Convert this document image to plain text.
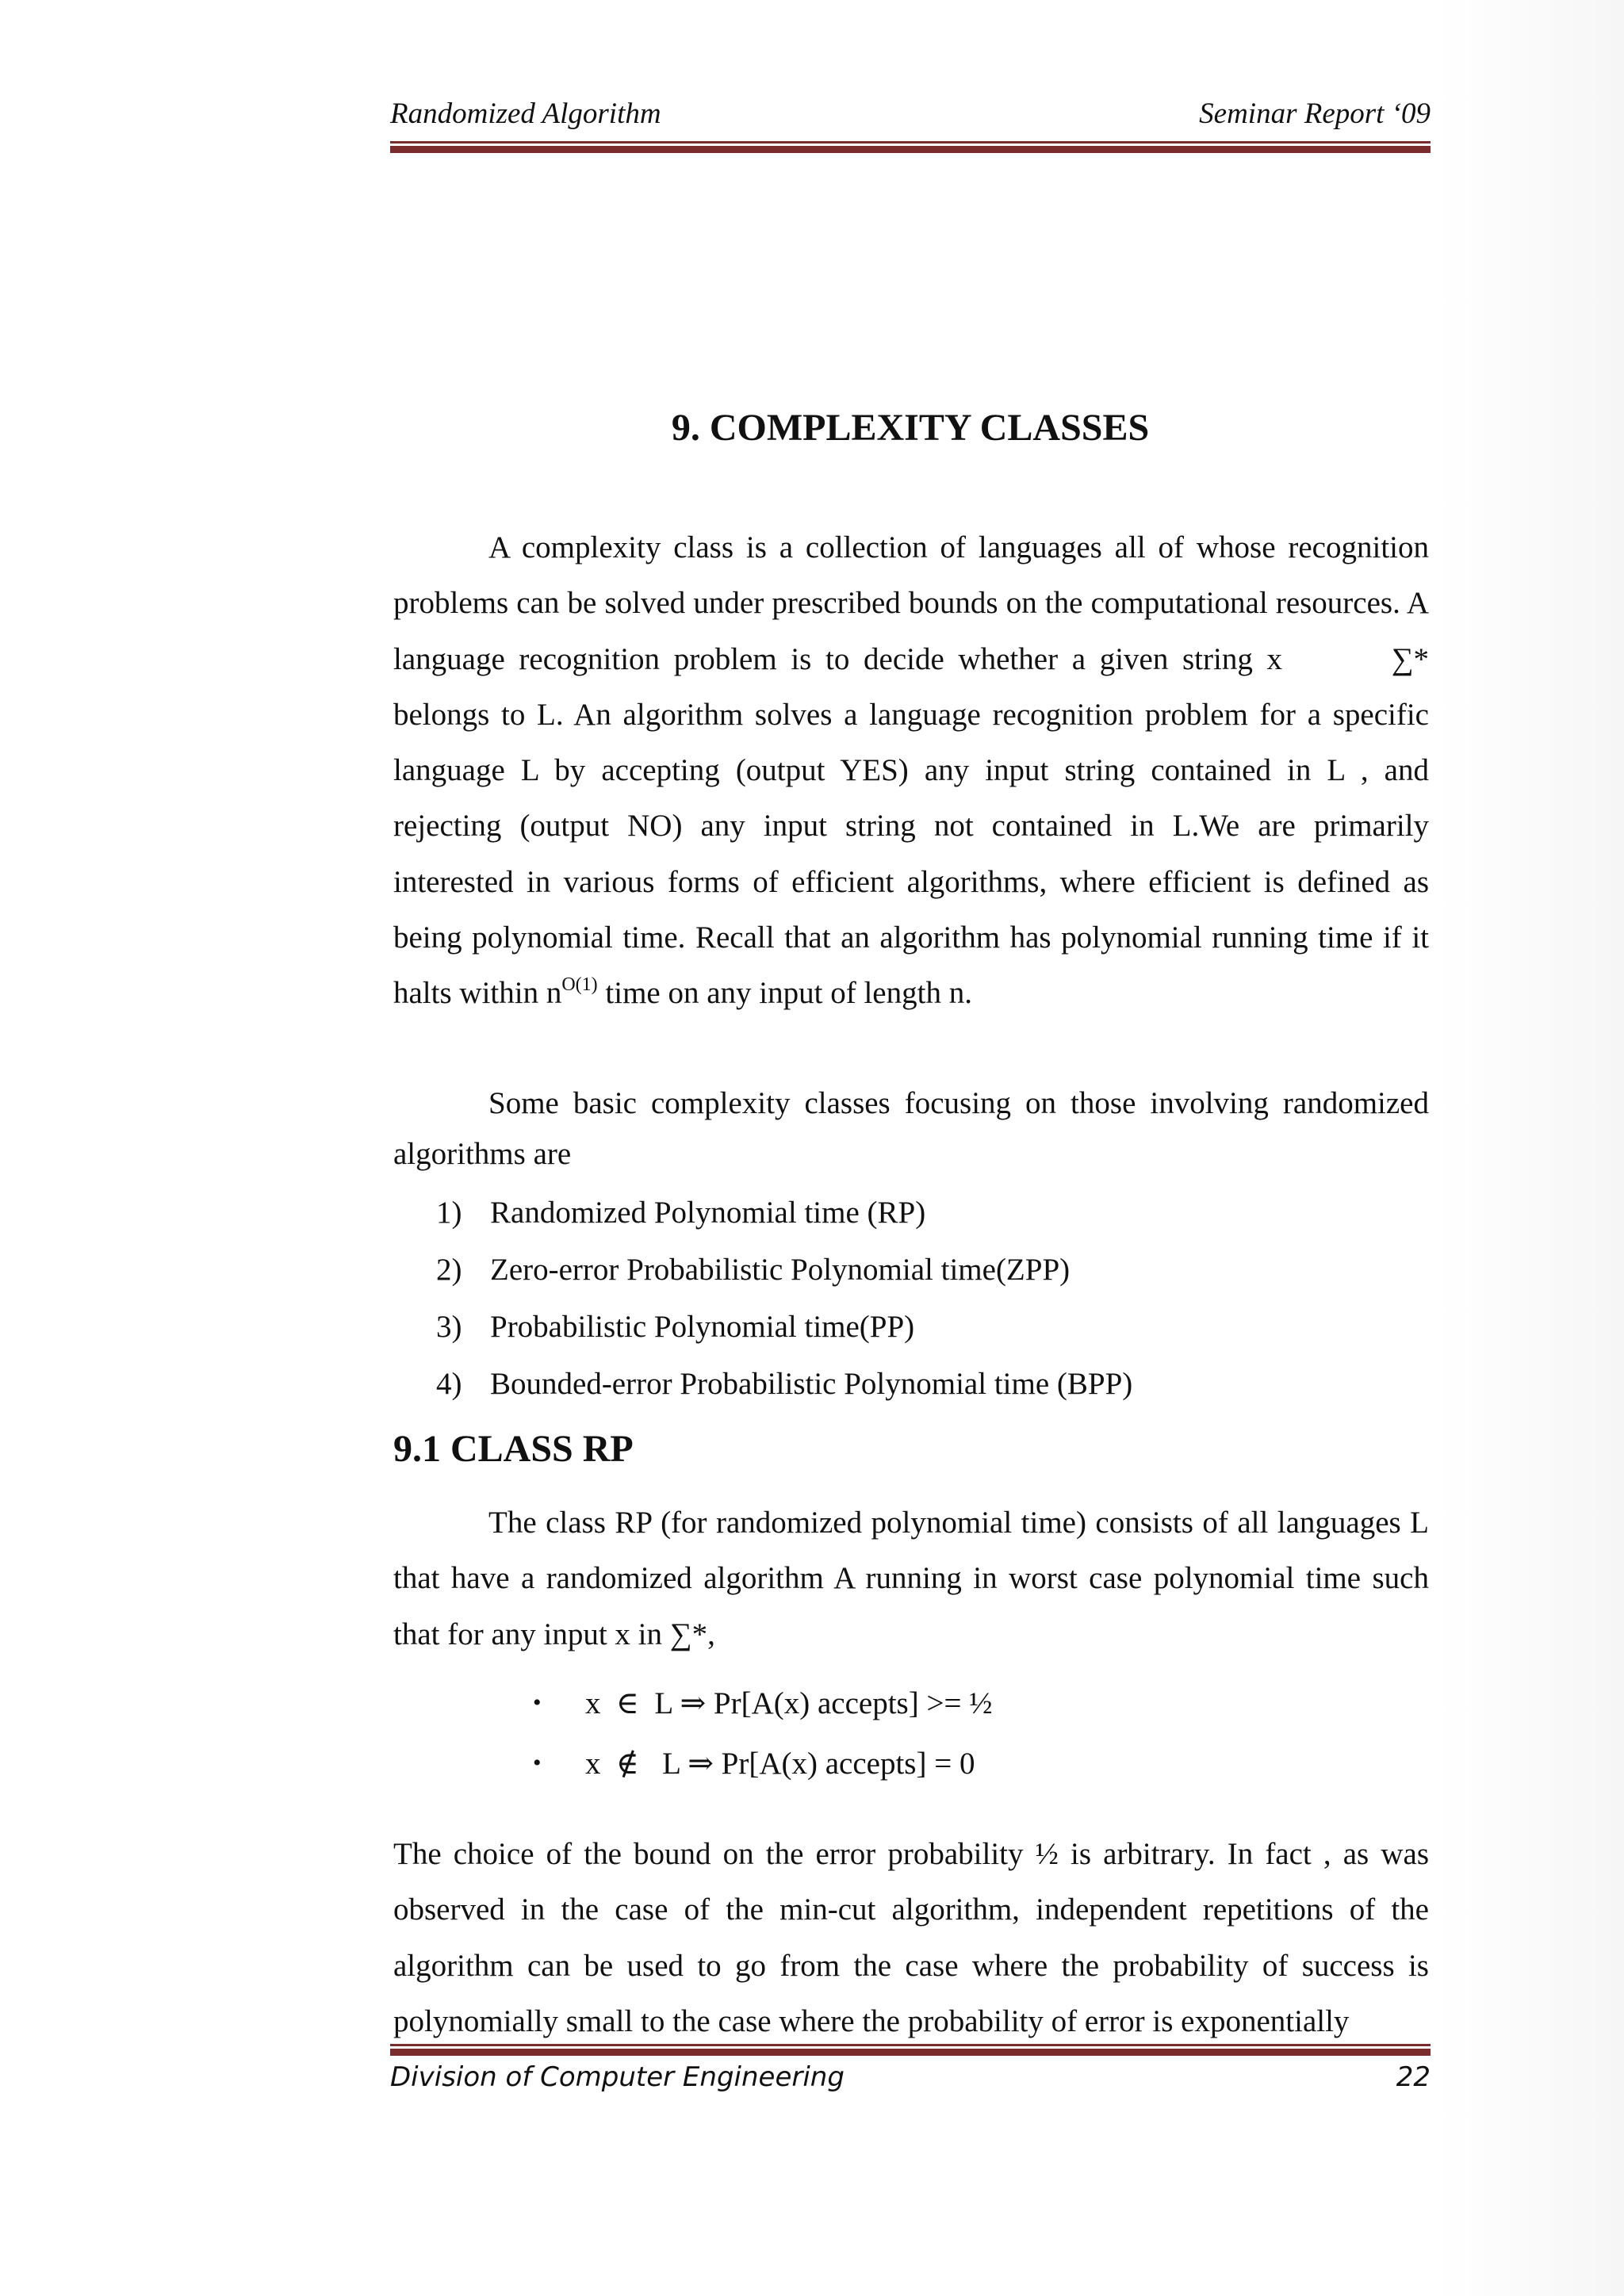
Randomized Algorithm	Seminar Report ‘09
9. COMPLEXITY CLASSES
A complexity class is a collection of languages all of whose recognition problems can be solved under prescribed bounds on the computational resources. A language recognition problem is to decide whether a given string x	∑* belongs to L. An algorithm solves a language recognition problem for a specific language L by accepting (output YES) any input string contained in L , and rejecting (output NO) any input string not contained in L.We are primarily interested in various forms of efficient algorithms, where efficient is defined as being polynomial time. Recall that an algorithm has polynomial running time if it halts within $n^{O(1)}$ time on any input of length n.
Some basic complexity classes focusing on those involving randomized algorithms are
1) Randomized Polynomial time (RP)
2) Zero-error Probabilistic Polynomial time(ZPP)
3) Probabilistic Polynomial time(PP)
4) Bounded-error Probabilistic Polynomial time (BPP)
9.1 CLASS RP
The class RP (for randomized polynomial time) consists of all languages L that have a randomized algorithm A running in worst case polynomial time such that for any input x in ∑*,
•	x  ∈  L ⇒ Pr[A(x) accepts] >= ½
•	x  ∉   L ⇒ Pr[A(x) accepts] = 0
The choice of the bound on the error probability ½ is arbitrary. In fact , as was observed in the case of the min-cut algorithm, independent repetitions of the algorithm can be used to go from the case where the probability of success is polynomially small to the case where the probability of error is exponentially
Division of Computer Engineering	22
